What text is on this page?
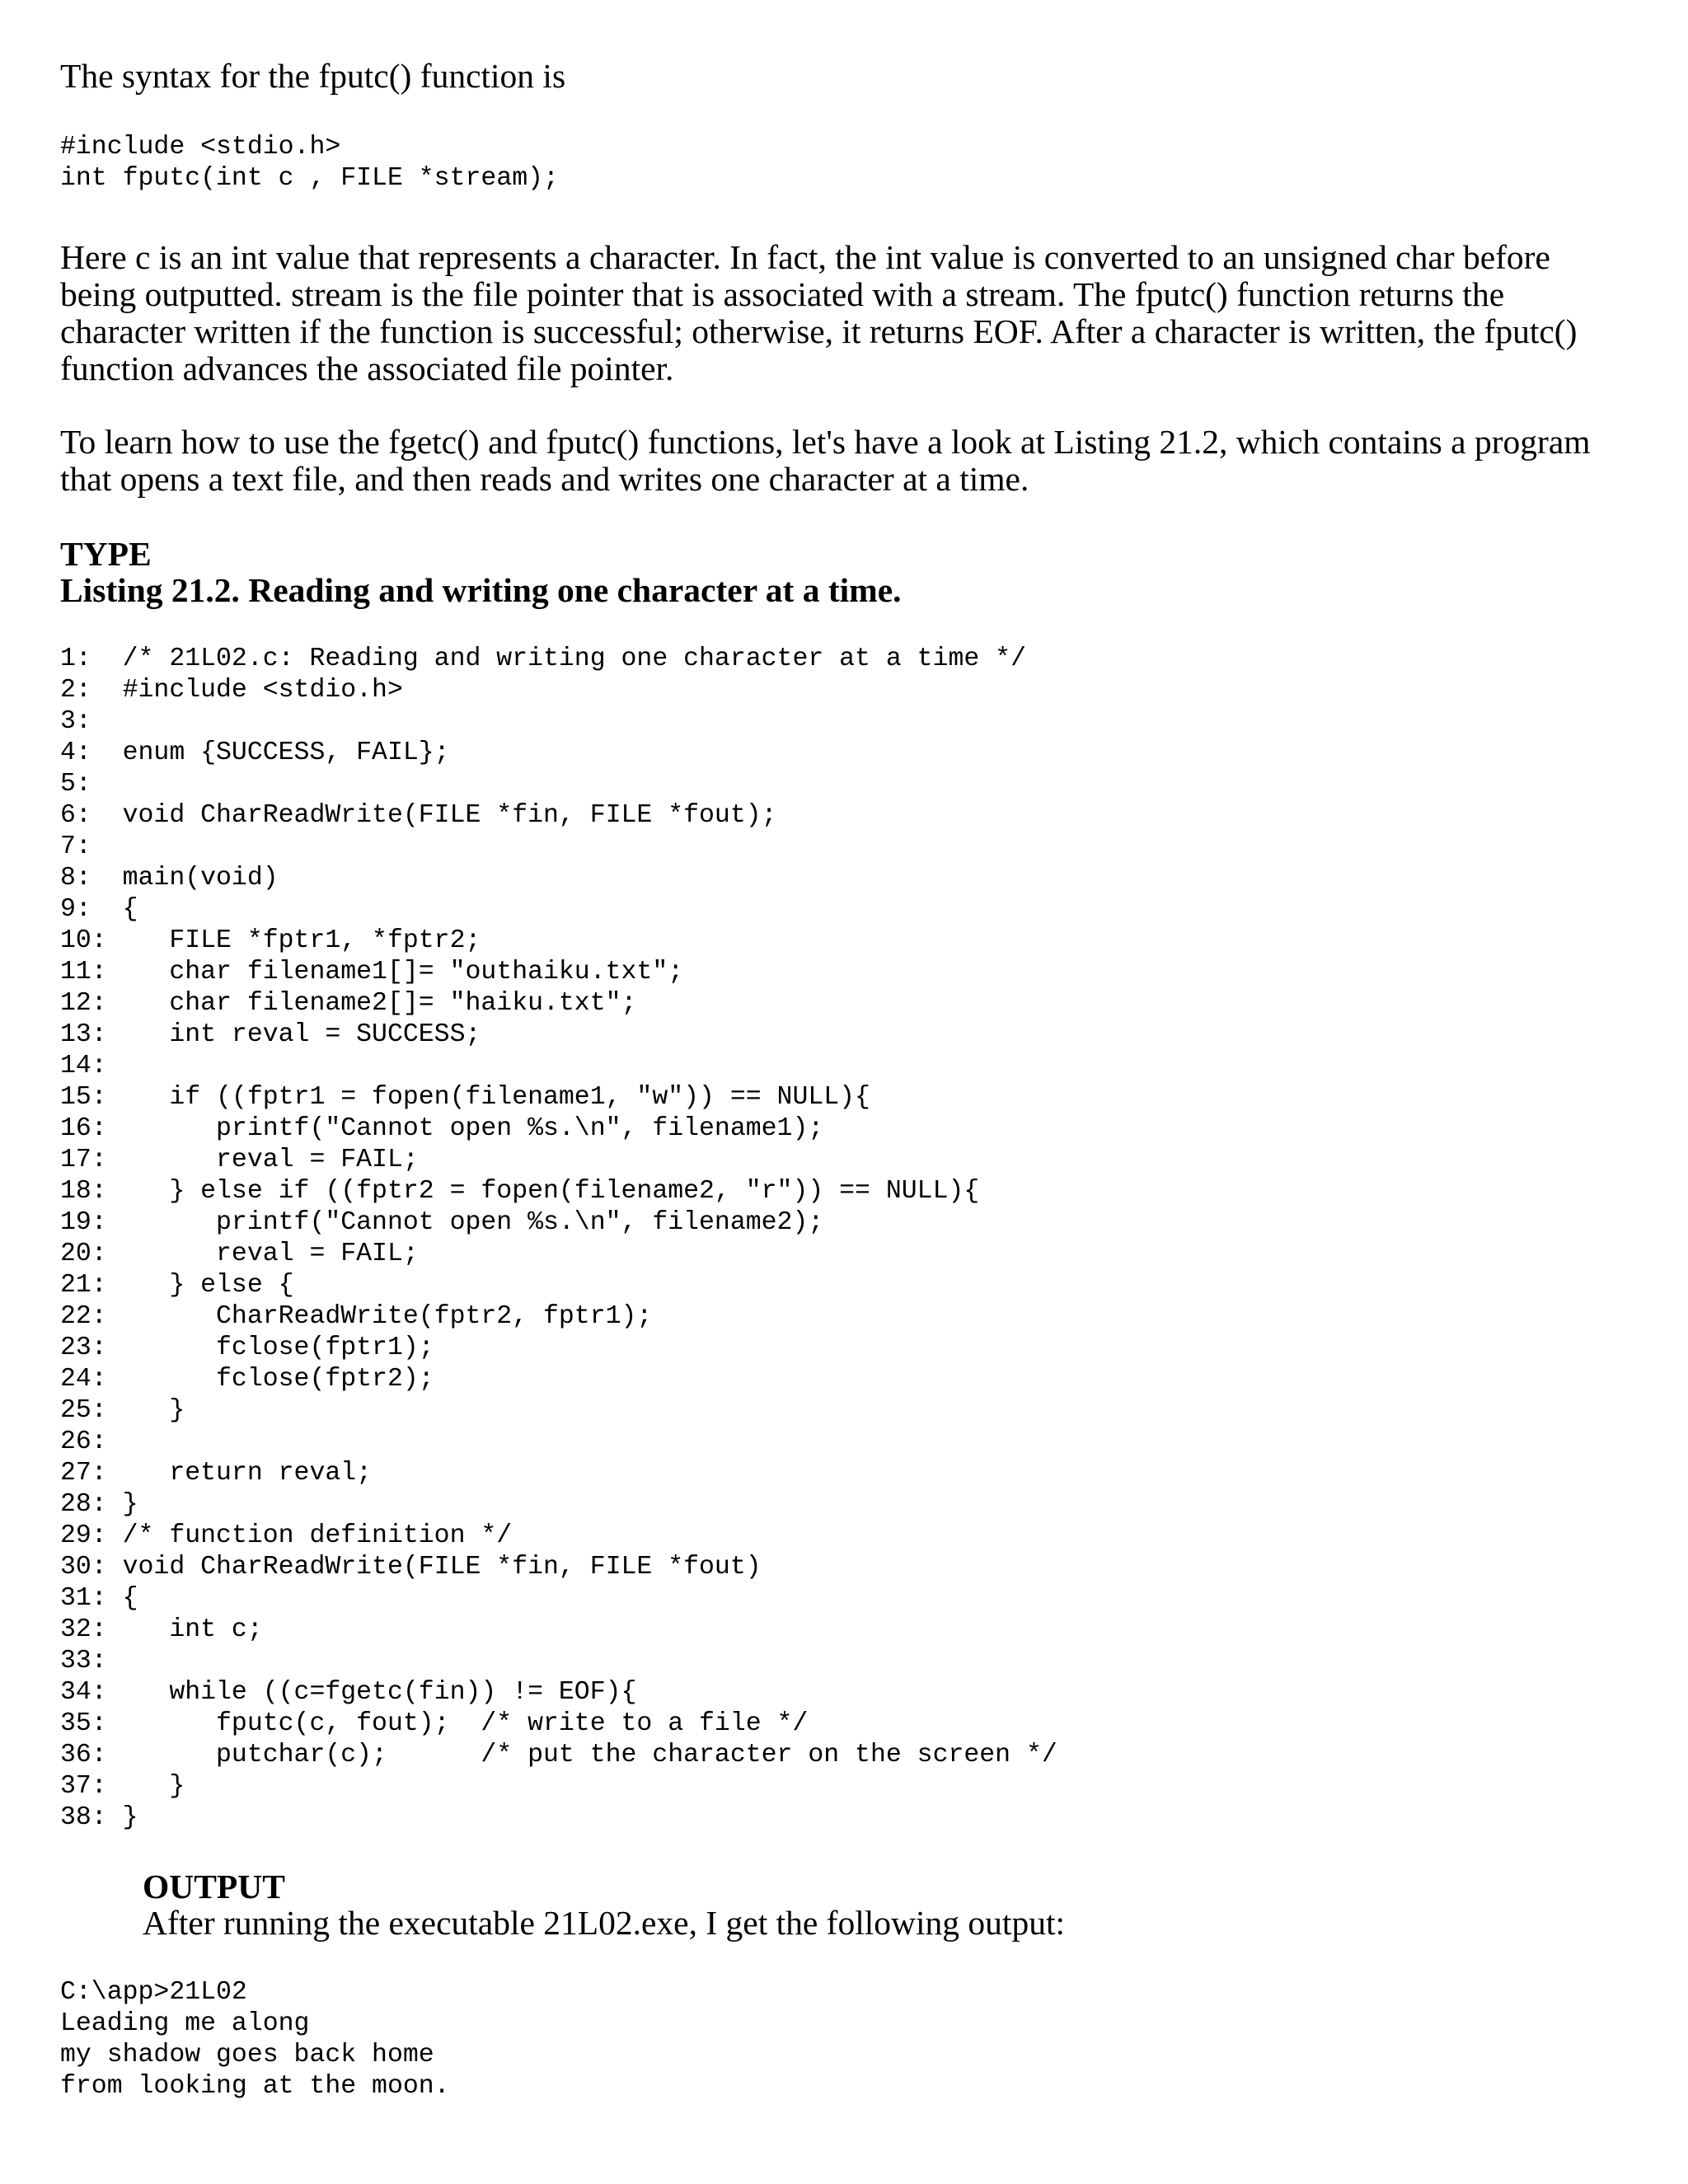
The syntax for the fputc() function is

#include <stdio.h>
int fputc(int c , FILE *stream);

Here c is an int value that represents a character. In fact, the int value is converted to an unsigned char before being outputted. stream is the file pointer that is associated with a stream. The fputc() function returns the character written if the function is successful; otherwise, it returns EOF. After a character is written, the fputc() function advances the associated file pointer.

To learn how to use the fgetc() and fputc() functions, let's have a look at Listing 21.2, which contains a program that opens a text file, and then reads and writes one character at a time.

TYPE

Listing 21.2. Reading and writing one character at a time.

1:  /* 21L02.c: Reading and writing one character at a time */
2:  #include <stdio.h>
3:
4:  enum {SUCCESS, FAIL};
5:
6:  void CharReadWrite(FILE *fin, FILE *fout);
7:
8:  main(void)
9:  {
10:    FILE *fptr1, *fptr2;
11:    char filename1[]= "outhaiku.txt";
12:    char filename2[]= "haiku.txt";
13:    int reval = SUCCESS;
14:
15:    if ((fptr1 = fopen(filename1, "w")) == NULL){
16:       printf("Cannot open %s.\n", filename1);
17:       reval = FAIL;
18:    } else if ((fptr2 = fopen(filename2, "r")) == NULL){
19:       printf("Cannot open %s.\n", filename2);
20:       reval = FAIL;
21:    } else {
22:       CharReadWrite(fptr2, fptr1);
23:       fclose(fptr1);
24:       fclose(fptr2);
25:    }
26:
27:    return reval;
28: }
29: /* function definition */
30: void CharReadWrite(FILE *fin, FILE *fout)
31: {
32:    int c;
33:
34:    while ((c=fgetc(fin)) != EOF){
35:       fputc(c, fout);  /* write to a file */
36:       putchar(c);      /* put the character on the screen */
37:    }
38: }

OUTPUT

After running the executable 21L02.exe, I get the following output:

C:\app>21L02
Leading me along
my shadow goes back home
from looking at the moon.
